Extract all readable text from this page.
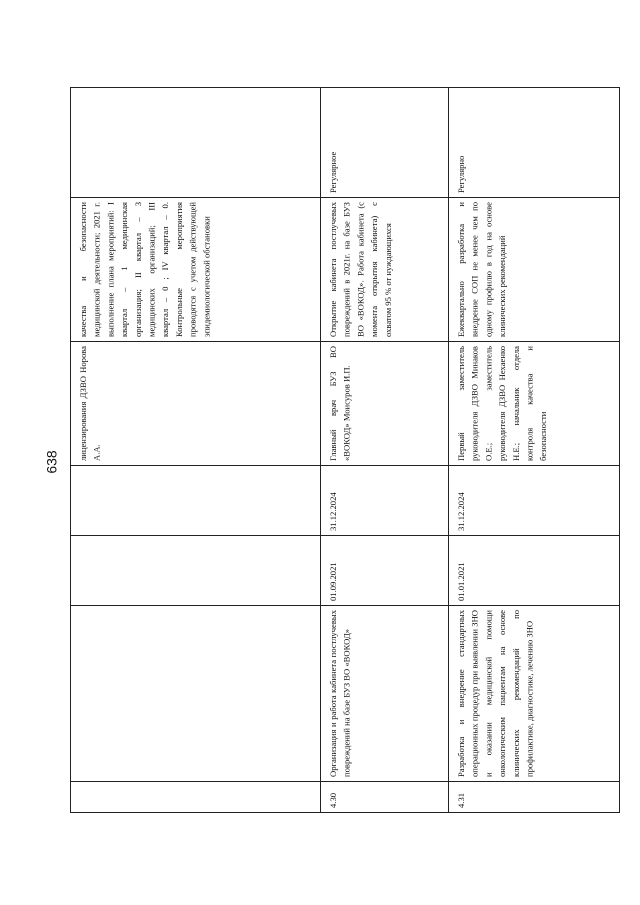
638
качества и безопасности медицинской деятельности; 2021 г. выполнение плана мероприятий: I квартал – 1 медицинская организация; II квартал – 3 медицинских организаций; III квартал – 0 ; IV квартал – 0. Контрольные мероприятия проводятся с учетом действующей эпидемиологической обстановки
лицензирования ДЗВО Норова А.А.
Регулярное
Открытие кабинета постлучевых повреждений в 2021г. на базе БУЗ ВО «ВОКОД». Работа кабинета (с момента открытия кабинета) с охватом 95 % от нуждающихся
Главный врач БУЗ ВО «ВОКОД» Моисуров И.П.
31.12.2024
01.09.2021
Организация и работа кабинета постлучевых повреждений на базе БУЗ ВО «ВОКОД»
4.30
Регулярно
Ежеквартально разработка и внедрение СОП не менее чем по одному профилю в год на основе клинических рекомендаций
Первый заместитель руководителя ДЗВО Минаков О.Е.; заместитель руководителя ДЗВО Нехаенко Н.Е.; начальник отдела контроля качества и безопасности
31.12.2024
01.01.2021
Разработка и внедрение стандартных операционных процедур при выявлении ЗНО и оказании медицинской помощи онкологическим пациентам на основе клинических рекомендаций по профилактике, диагностике, лечению ЗНО
4.31
